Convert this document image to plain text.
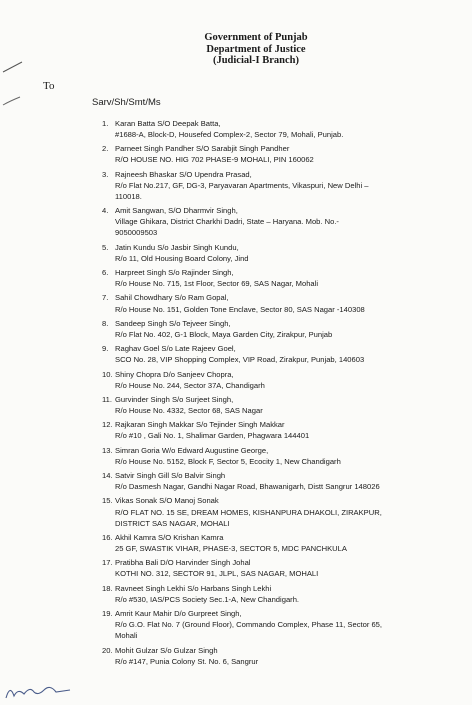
Government of Punjab
Department of Justice
(Judicial-I Branch)
To
Sarv/Sh/Smt/Ms
1. Karan Batta S/O Deepak Batta,
#1688-A, Block-D, Housefed Complex-2, Sector 79, Mohali, Punjab.
2. Parneet Singh Pandher S/O Sarabjit Singh Pandher
R/O HOUSE NO. HIG 702 PHASE-9 MOHALI, PIN 160062
3. Rajneesh Bhaskar S/O Upendra Prasad,
R/o Flat No.217, GF, DG-3, Paryavaran Apartments, Vikaspuri, New Delhi –
110018.
4. Amit Sangwan, S/O Dharmvir Singh,
Village Ghikara, District Charkhi Dadri, State – Haryana. Mob. No.-
9050009503
5. Jatin Kundu S/o Jasbir Singh Kundu,
R/o 11, Old Housing Board Colony, Jind
6. Harpreet Singh S/o Rajinder Singh,
R/o House No. 715, 1st Floor, Sector 69, SAS Nagar, Mohali
7. Sahil Chowdhary S/o Ram Gopal,
R/o House No. 151, Golden Tone Enclave, Sector 80, SAS Nagar -140308
8. Sandeep Singh S/o Tejveer Singh,
R/o Flat No. 402, G-1 Block, Maya Garden City, Zirakpur, Punjab
9. Raghav Goel S/o Late Rajeev Goel,
SCO No. 28, VIP Shopping Complex, VIP Road, Zirakpur, Punjab, 140603
10. Shiny Chopra D/o Sanjeev Chopra,
R/o House No. 244, Sector 37A, Chandigarh
11. Gurvinder Singh S/o Surjeet Singh,
R/o House No. 4332, Sector 68, SAS Nagar
12. Rajkaran Singh Makkar S/o Tejinder Singh Makkar
R/o #10 , Gali No. 1, Shalimar Garden, Phagwara 144401
13. Simran Goria W/o Edward Augustine George,
R/o House No. 5152, Block F, Sector 5, Ecocity 1, New Chandigarh
14. Satvir Singh Gill S/o Balvir Singh
R/o Dasmesh Nagar, Gandhi Nagar Road, Bhawanigarh, Distt Sangrur 148026
15. Vikas Sonak S/O Manoj Sonak
R/O FLAT NO. 15 SE, DREAM HOMES, KISHANPURA DHAKOLI, ZIRAKPUR,
DISTRICT SAS NAGAR, MOHALI
16. Akhil Kamra S/O Krishan Kamra
25 GF, SWASTIK VIHAR, PHASE-3, SECTOR 5, MDC PANCHKULA
17. Pratibha Bali D/O Harvinder Singh Johal
KOTHI NO. 312, SECTOR 91, JLPL, SAS NAGAR, MOHALI
18. Ravneet Singh Lekhi S/o Harbans Singh Lekhi
R/o #530, IAS/PCS Society Sec.1-A, New Chandigarh.
19. Amrit Kaur Mahir D/o Gurpreet Singh,
R/o G.O. Flat No. 7 (Ground Floor), Commando Complex, Phase 11, Sector 65,
Mohali
20. Mohit Gulzar S/o Gulzar Singh
R/o #147, Punia Colony St. No. 6, Sangrur
